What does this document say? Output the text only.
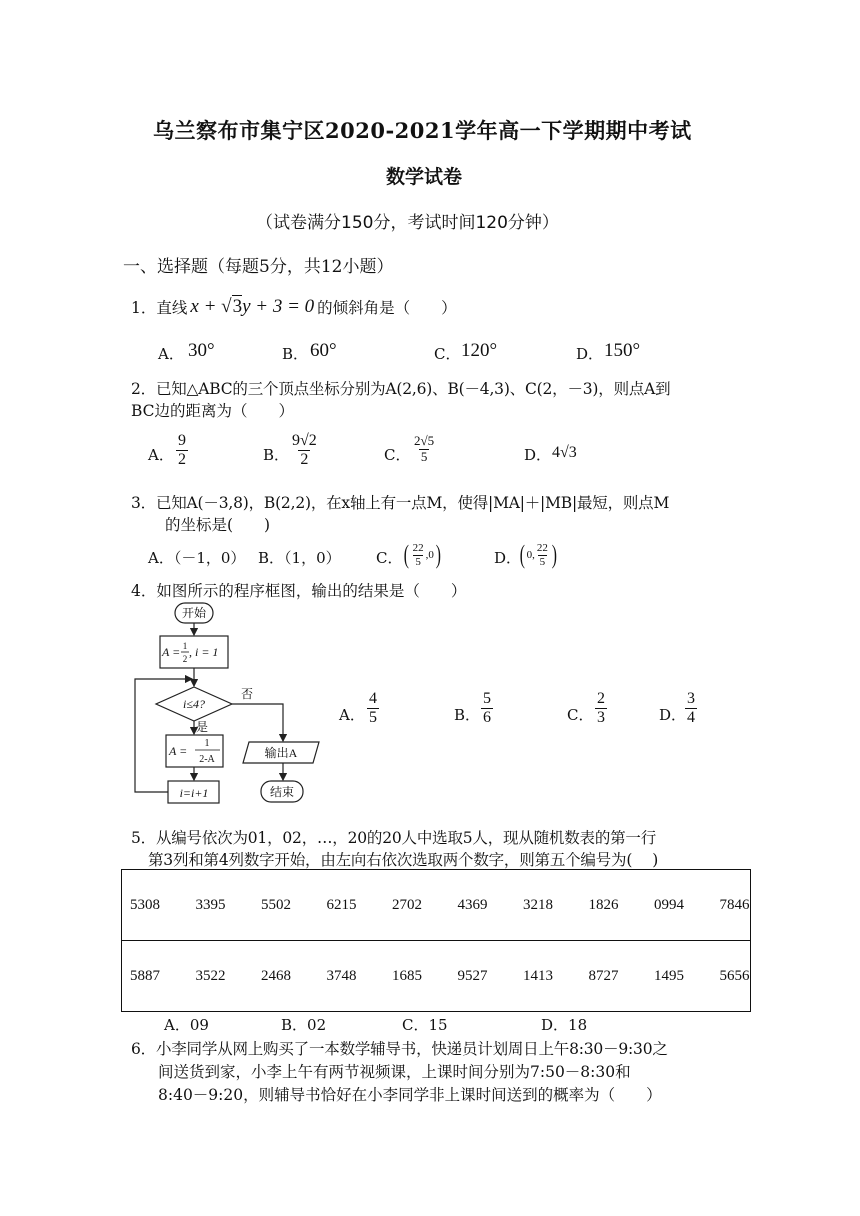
乌兰察布市集宁区2020-2021学年高一下学期期中考试
数学试卷
（试卷满分150分，考试时间120分钟）
一、选择题（每题5分，共12小题）
1． 直线 x + √3y + 3 = 0 的倾斜角是（　　）
A． 30°	B． 60°	C． 120°	D． 150°
2．已知△ABC的三个顶点坐标分别为A(2,6)、B(－4,3)、C(2，－3)，则点A到
BC边的距离为（　　）
A． $\frac{9}{2}$	B． $\frac{9√2}{2}$	C． $\frac{2√5}{5}$	D． 4√3
3．已知A(－3,8)，B(2,2)，在x轴上有一点M，使得|MA|＋|MB|最短，则点M
的坐标是(　　)
A．（－1，0） B．（1，0） C． ( $\frac{22}{5} ,0$ )	D．
( 0, $\frac{22}{5}$ )
4．如图所示的程序框图，输出的结果是（　　）
开始
A = 1
2 , i = 1
i≤4?
否
是
A =
1
2-A
i=i+1
输出A
结束
A． $\frac{4}{5}$	B． $\frac{5}{6}$	C． $\frac{2}{3}$	D．
$\frac{3}{4}$
5．从编号依次为01，02，…，20的20人中选取5人，现从随机数表的第一行
第3列和第4列数字开始，由左向右依次选取两个数字，则第五个编号为(　 )
5308  3395  5502  6215  2702  4369  3218  1826  0994  7846
5887  3522  2468  3748  1685  9527  1413  8727  1495  5656
A．09	B．02	C．15	D．18
6．小李同学从网上购买了一本数学辅导书，快递员计划周日上午8:30－9:30之
间送货到家，小李上午有两节视频课，上课时间分别为7:50－8:30和
8:40－9:20，则辅导书恰好在小李同学非上课时间送到的概率为（　　）
